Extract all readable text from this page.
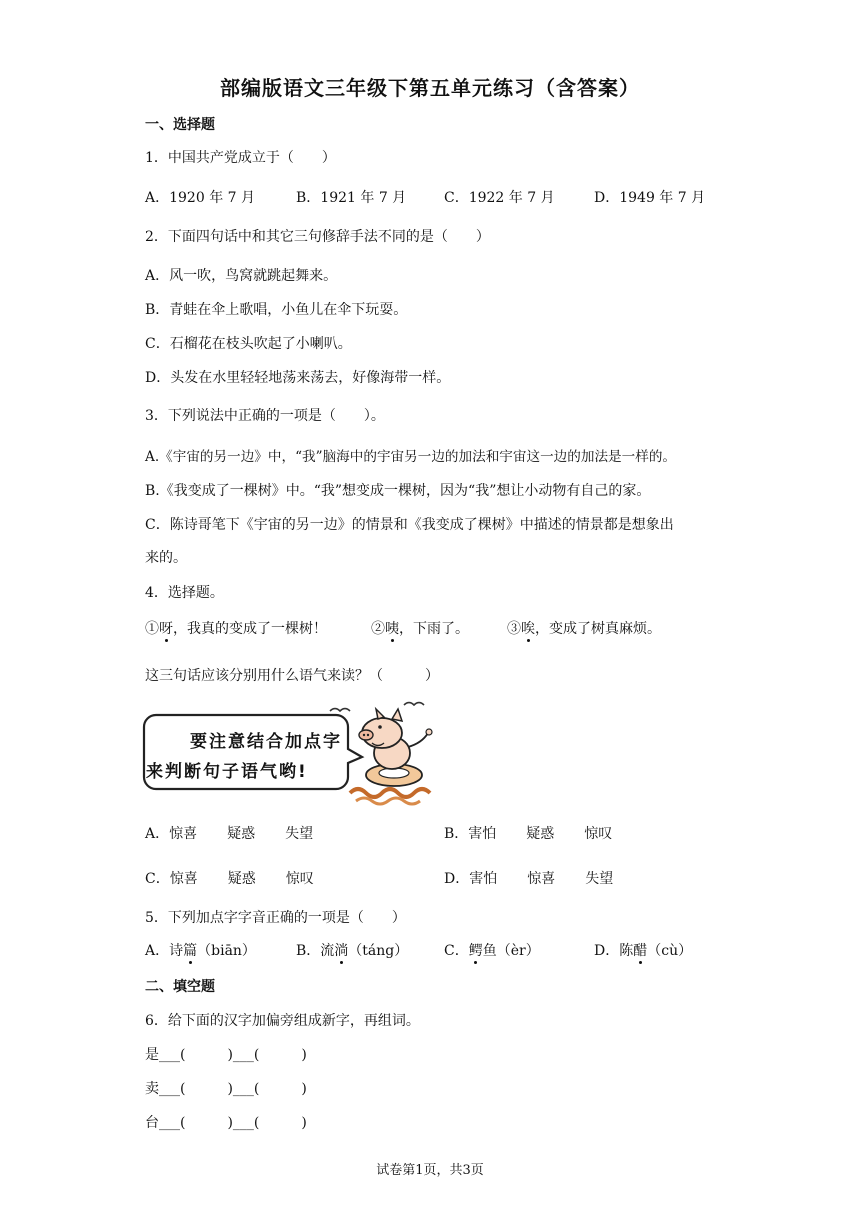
部编版语文三年级下第五单元练习（含答案）
一、选择题
1．中国共产党成立于（　　）
A．1920 年 7 月	B．1921 年 7 月	C．1922 年 7 月	D．1949 年 7 月
2．下面四句话中和其它三句修辞手法不同的是（　　）
A．风一吹，鸟窝就跳起舞来。
B．青蛙在伞上歌唱，小鱼儿在伞下玩耍。
C．石榴花在枝头吹起了小喇叭。
D．头发在水里轻轻地荡来荡去，好像海带一样。
3．下列说法中正确的一项是（　　）。
A.《宇宙的另一边》中，“我”脑海中的宇宙另一边的加法和宇宙这一边的加法是一样的。
B.《我变成了一棵树》中。“我”想变成一棵树，因为“我”想让小动物有自己的家。
C．陈诗哥笔下《宇宙的另一边》的情景和《我变成了棵树》中描述的情景都是想象出
来的。
4．选择题。
①呀，我真的变成了一棵树！	②咦，下雨了。	③唉，变成了树真麻烦。
这三句话应该分别用什么语气来读？（　　　）
要注意结合加点字
来判断句子语气哟!
A．惊喜 疑惑 失望	B．害怕 疑惑 惊叹
C．惊喜 疑惑 惊叹	D．害怕 惊喜 失望
5．下列加点字字音正确的一项是（　　）
A．诗篇（biān）	B．流淌（táng）	C．鳄鱼（èr）	D．陈醋（cù）
二、填空题
6．给下面的汉字加偏旁组成新字，再组词。
是___(　　　)___(　　　)
卖___(　　　)___(　　　)
台___(　　　)___(　　　)
试卷第1页，共3页
